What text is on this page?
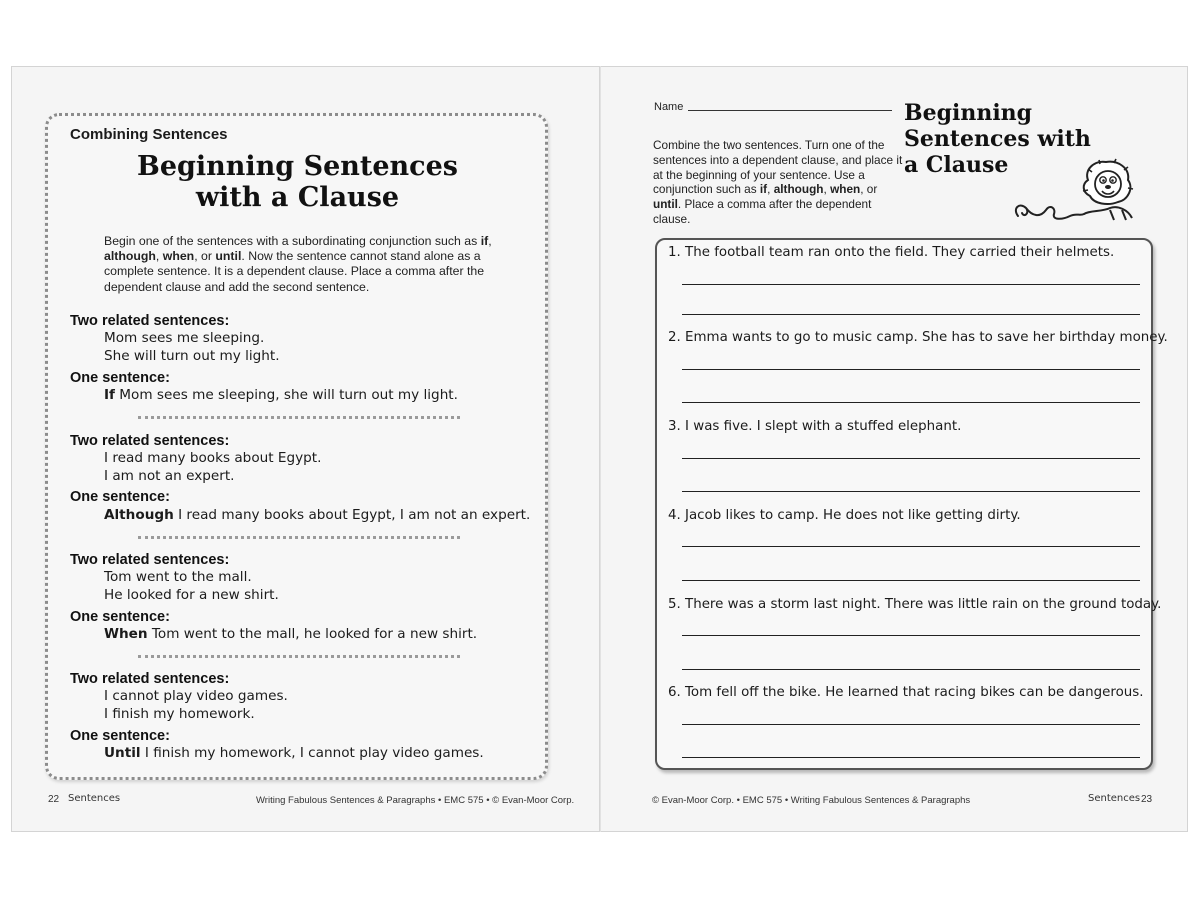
Combining Sentences
Beginning Sentences
with a Clause
Begin one of the sentences with a subordinating conjunction such as if, although, when, or until. Now the sentence cannot stand alone as a complete sentence. It is a dependent clause. Place a comma after the dependent clause and add the second sentence.
Two related sentences:
Mom sees me sleeping.
She will turn out my light.
One sentence:
If Mom sees me sleeping, she will turn out my light.
Two related sentences:
I read many books about Egypt.
I am not an expert.
One sentence:
Although I read many books about Egypt, I am not an expert.
Two related sentences:
Tom went to the mall.
He looked for a new shirt.
One sentence:
When Tom went to the mall, he looked for a new shirt.
Two related sentences:
I cannot play video games.
I finish my homework.
One sentence:
Until I finish my homework, I cannot play video games.
22 Sentences	Writing Fabulous Sentences & Paragraphs • EMC 575 • © Evan-Moor Corp.
Name
Combine the two sentences. Turn one of the sentences into a dependent clause, and place it at the beginning of your sentence. Use a conjunction such as if, although, when, or until. Place a comma after the dependent clause.
Beginning
Sentences with
a Clause
1. The football team ran onto the field. They carried their helmets.
2. Emma wants to go to music camp. She has to save her birthday money.
3. I was five. I slept with a stuffed elephant.
4. Jacob likes to camp. He does not like getting dirty.
5. There was a storm last night. There was little rain on the ground today.
6. Tom fell off the bike. He learned that racing bikes can be dangerous.
© Evan-Moor Corp. • EMC 575 • Writing Fabulous Sentences & Paragraphs	Sentences 23
